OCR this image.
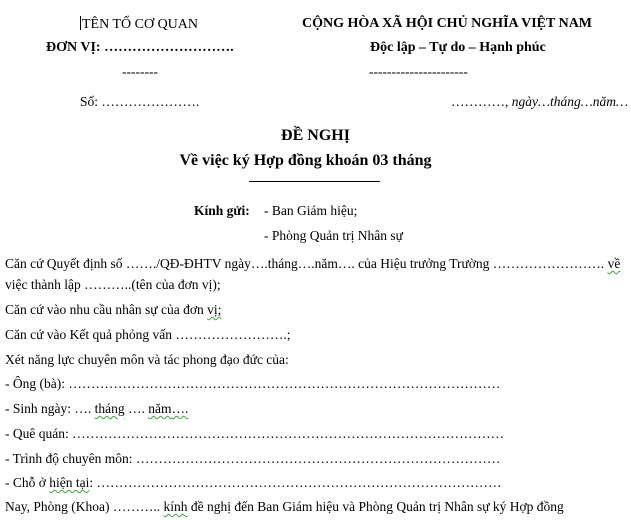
TÊN TỔ CƠ QUAN
ĐƠN VỊ: ……………………….
--------
CỘNG HÒA XÃ HỘI CHỦ NGHĨA VIỆT NAM
Độc lập – Tự do – Hạnh phúc
----------------------
Số: ………………….	…………, ngày…tháng…năm…
ĐỀ NGHỊ
Về việc ký Hợp đồng khoán 03 tháng
Kính gửi: - Ban Giám hiệu;
- Phòng Quản trị Nhân sự
Căn cứ Quyết định số ……./QĐ-ĐHTV ngày….tháng….năm…. của Hiệu trưởng Trường ……………………. về
việc thành lập ………..(tên của đơn vị);
Căn cứ vào nhu cầu nhân sự của đơn vị;
Căn cứ vào Kết quả phỏng vấn …………………….;
Xét năng lực chuyên môn và tác phong đạo đức của:
- Ông (bà): ……………………………………………………………………………………
- Sinh ngày: …. tháng …. năm….
- Quê quán: ……………………………………………………………………………………
- Trình độ chuyên môn: ………………………………………………………………………
- Chỗ ở hiện tại: ………………………………………………………………………………
Nay, Phòng (Khoa) ……….. kính đề nghị đến Ban Giám hiệu và Phòng Quản trị Nhân sự ký Hợp đồng
